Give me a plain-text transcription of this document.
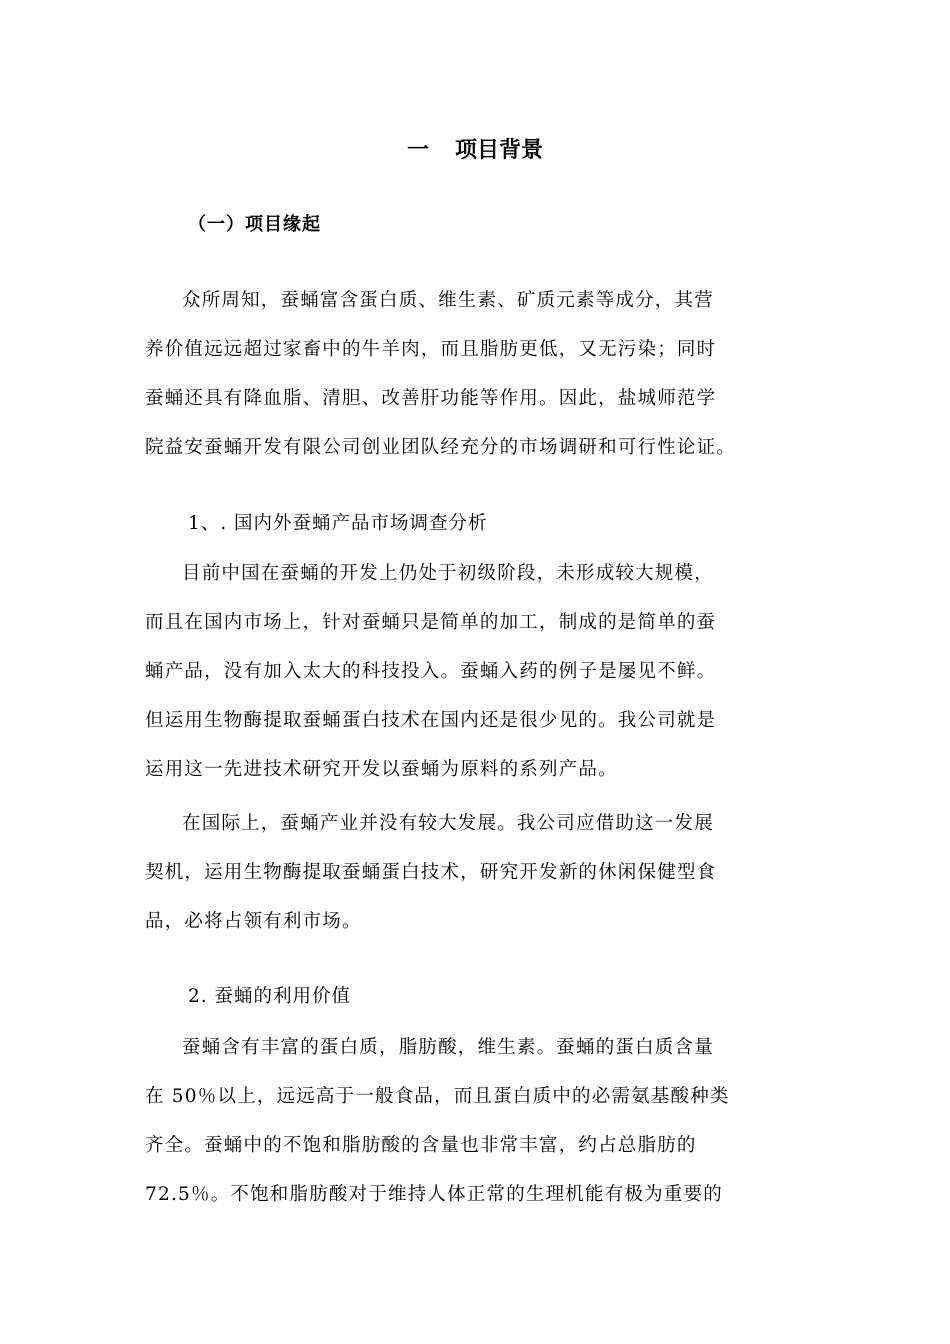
一 项目背景
（一）项目缘起
众所周知，蚕蛹富含蛋白质、维生素、矿质元素等成分，其营
养价值远远超过家畜中的牛羊肉，而且脂肪更低，又无污染；同时
蚕蛹还具有降血脂、清胆、改善肝功能等作用。因此，盐城师范学
院益安蚕蛹开发有限公司创业团队经充分的市场调研和可行性论证。
1、. 国内外蚕蛹产品市场调查分析
目前中国在蚕蛹的开发上仍处于初级阶段，未形成较大规模，
而且在国内市场上，针对蚕蛹只是简单的加工，制成的是简单的蚕
蛹产品，没有加入太大的科技投入。蚕蛹入药的例子是屡见不鲜。
但运用生物酶提取蚕蛹蛋白技术在国内还是很少见的。我公司就是
运用这一先进技术研究开发以蚕蛹为原料的系列产品。
在国际上，蚕蛹产业并没有较大发展。我公司应借助这一发展
契机，运用生物酶提取蚕蛹蛋白技术，研究开发新的休闲保健型食
品，必将占领有利市场。
2. 蚕蛹的利用价值
蚕蛹含有丰富的蛋白质，脂肪酸，维生素。蚕蛹的蛋白质含量
在 50％以上，远远高于一般食品，而且蛋白质中的必需氨基酸种类
齐全。蚕蛹中的不饱和脂肪酸的含量也非常丰富，约占总脂肪的
72.5％。不饱和脂肪酸对于维持人体正常的生理机能有极为重要的
